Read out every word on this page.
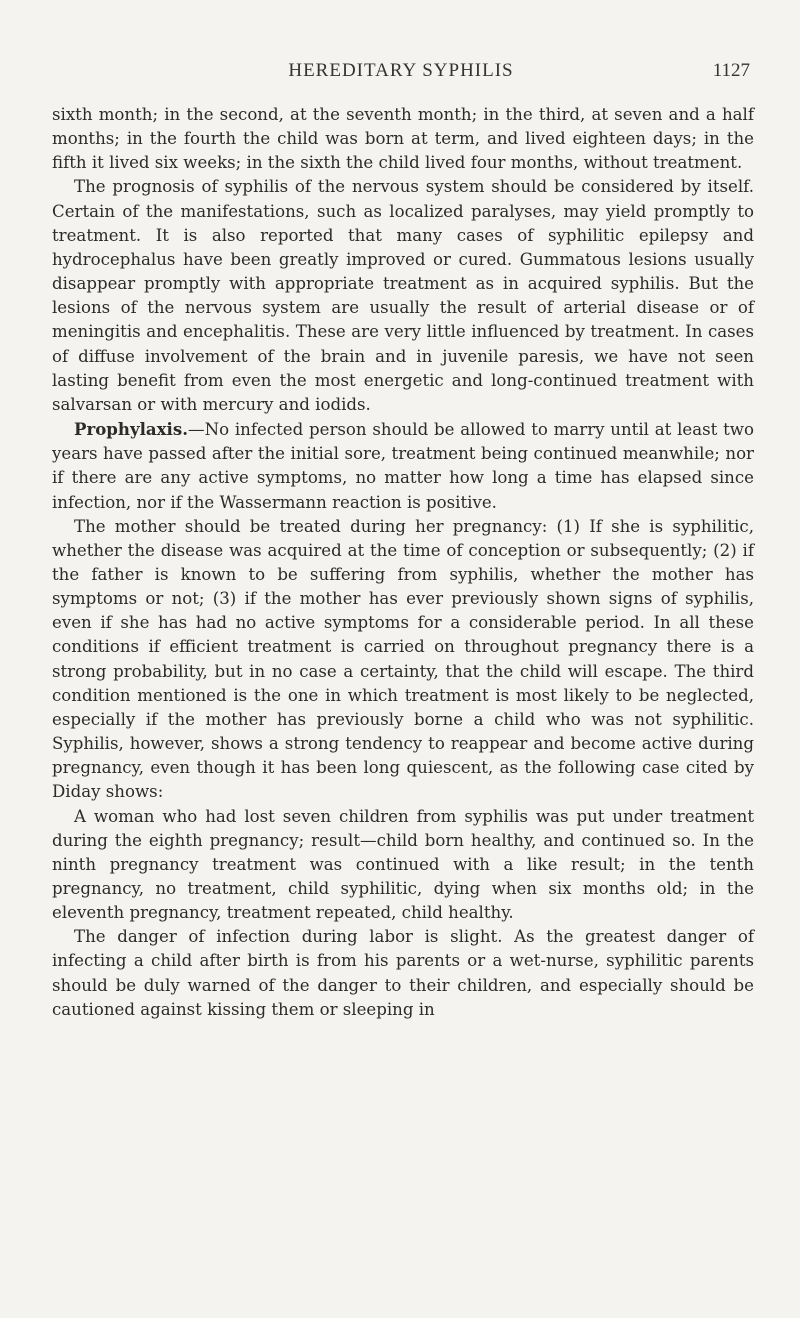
HEREDITARY SYPHILIS	1127

sixth month; in the second, at the seventh month; in the third, at seven and a half months; in the fourth the child was born at term, and lived eighteen days; in the fifth it lived six weeks; in the sixth the child lived four months, without treatment.

The prognosis of syphilis of the nervous system should be considered by itself. Certain of the manifestations, such as localized paralyses, may yield promptly to treatment. It is also reported that many cases of syphilitic epilepsy and hydrocephalus have been greatly improved or cured. Gummatous lesions usually disappear promptly with appropriate treatment as in acquired syphilis. But the lesions of the nervous system are usually the result of arterial disease or of meningitis and encephalitis. These are very little influenced by treatment. In cases of diffuse involvement of the brain and in juvenile paresis, we have not seen lasting benefit from even the most energetic and long-continued treatment with salvarsan or with mercury and iodids.

Prophylaxis.—No infected person should be allowed to marry until at least two years have passed after the initial sore, treatment being continued meanwhile; nor if there are any active symptoms, no matter how long a time has elapsed since infection, nor if the Wassermann reaction is positive.

The mother should be treated during her pregnancy: (1) If she is syphilitic, whether the disease was acquired at the time of conception or subsequently; (2) if the father is known to be suffering from syphilis, whether the mother has symptoms or not; (3) if the mother has ever previously shown signs of syphilis, even if she has had no active symptoms for a considerable period. In all these conditions if efficient treatment is carried on throughout pregnancy there is a strong probability, but in no case a certainty, that the child will escape. The third condition mentioned is the one in which treatment is most likely to be neglected, especially if the mother has previously borne a child who was not syphilitic. Syphilis, however, shows a strong tendency to reappear and become active during pregnancy, even though it has been long quiescent, as the following case cited by Diday shows:

A woman who had lost seven children from syphilis was put under treatment during the eighth pregnancy; result—child born healthy, and continued so. In the ninth pregnancy treatment was continued with a like result; in the tenth pregnancy, no treatment, child syphilitic, dying when six months old; in the eleventh pregnancy, treatment repeated, child healthy.

The danger of infection during labor is slight. As the greatest danger of infecting a child after birth is from his parents or a wet-nurse, syphilitic parents should be duly warned of the danger to their children, and especially should be cautioned against kissing them or sleeping in
